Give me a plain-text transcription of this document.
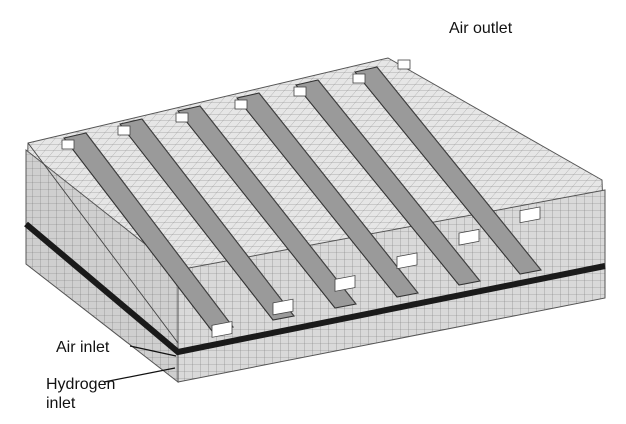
Air outlet
Air inlet
Hydrogen
inlet
